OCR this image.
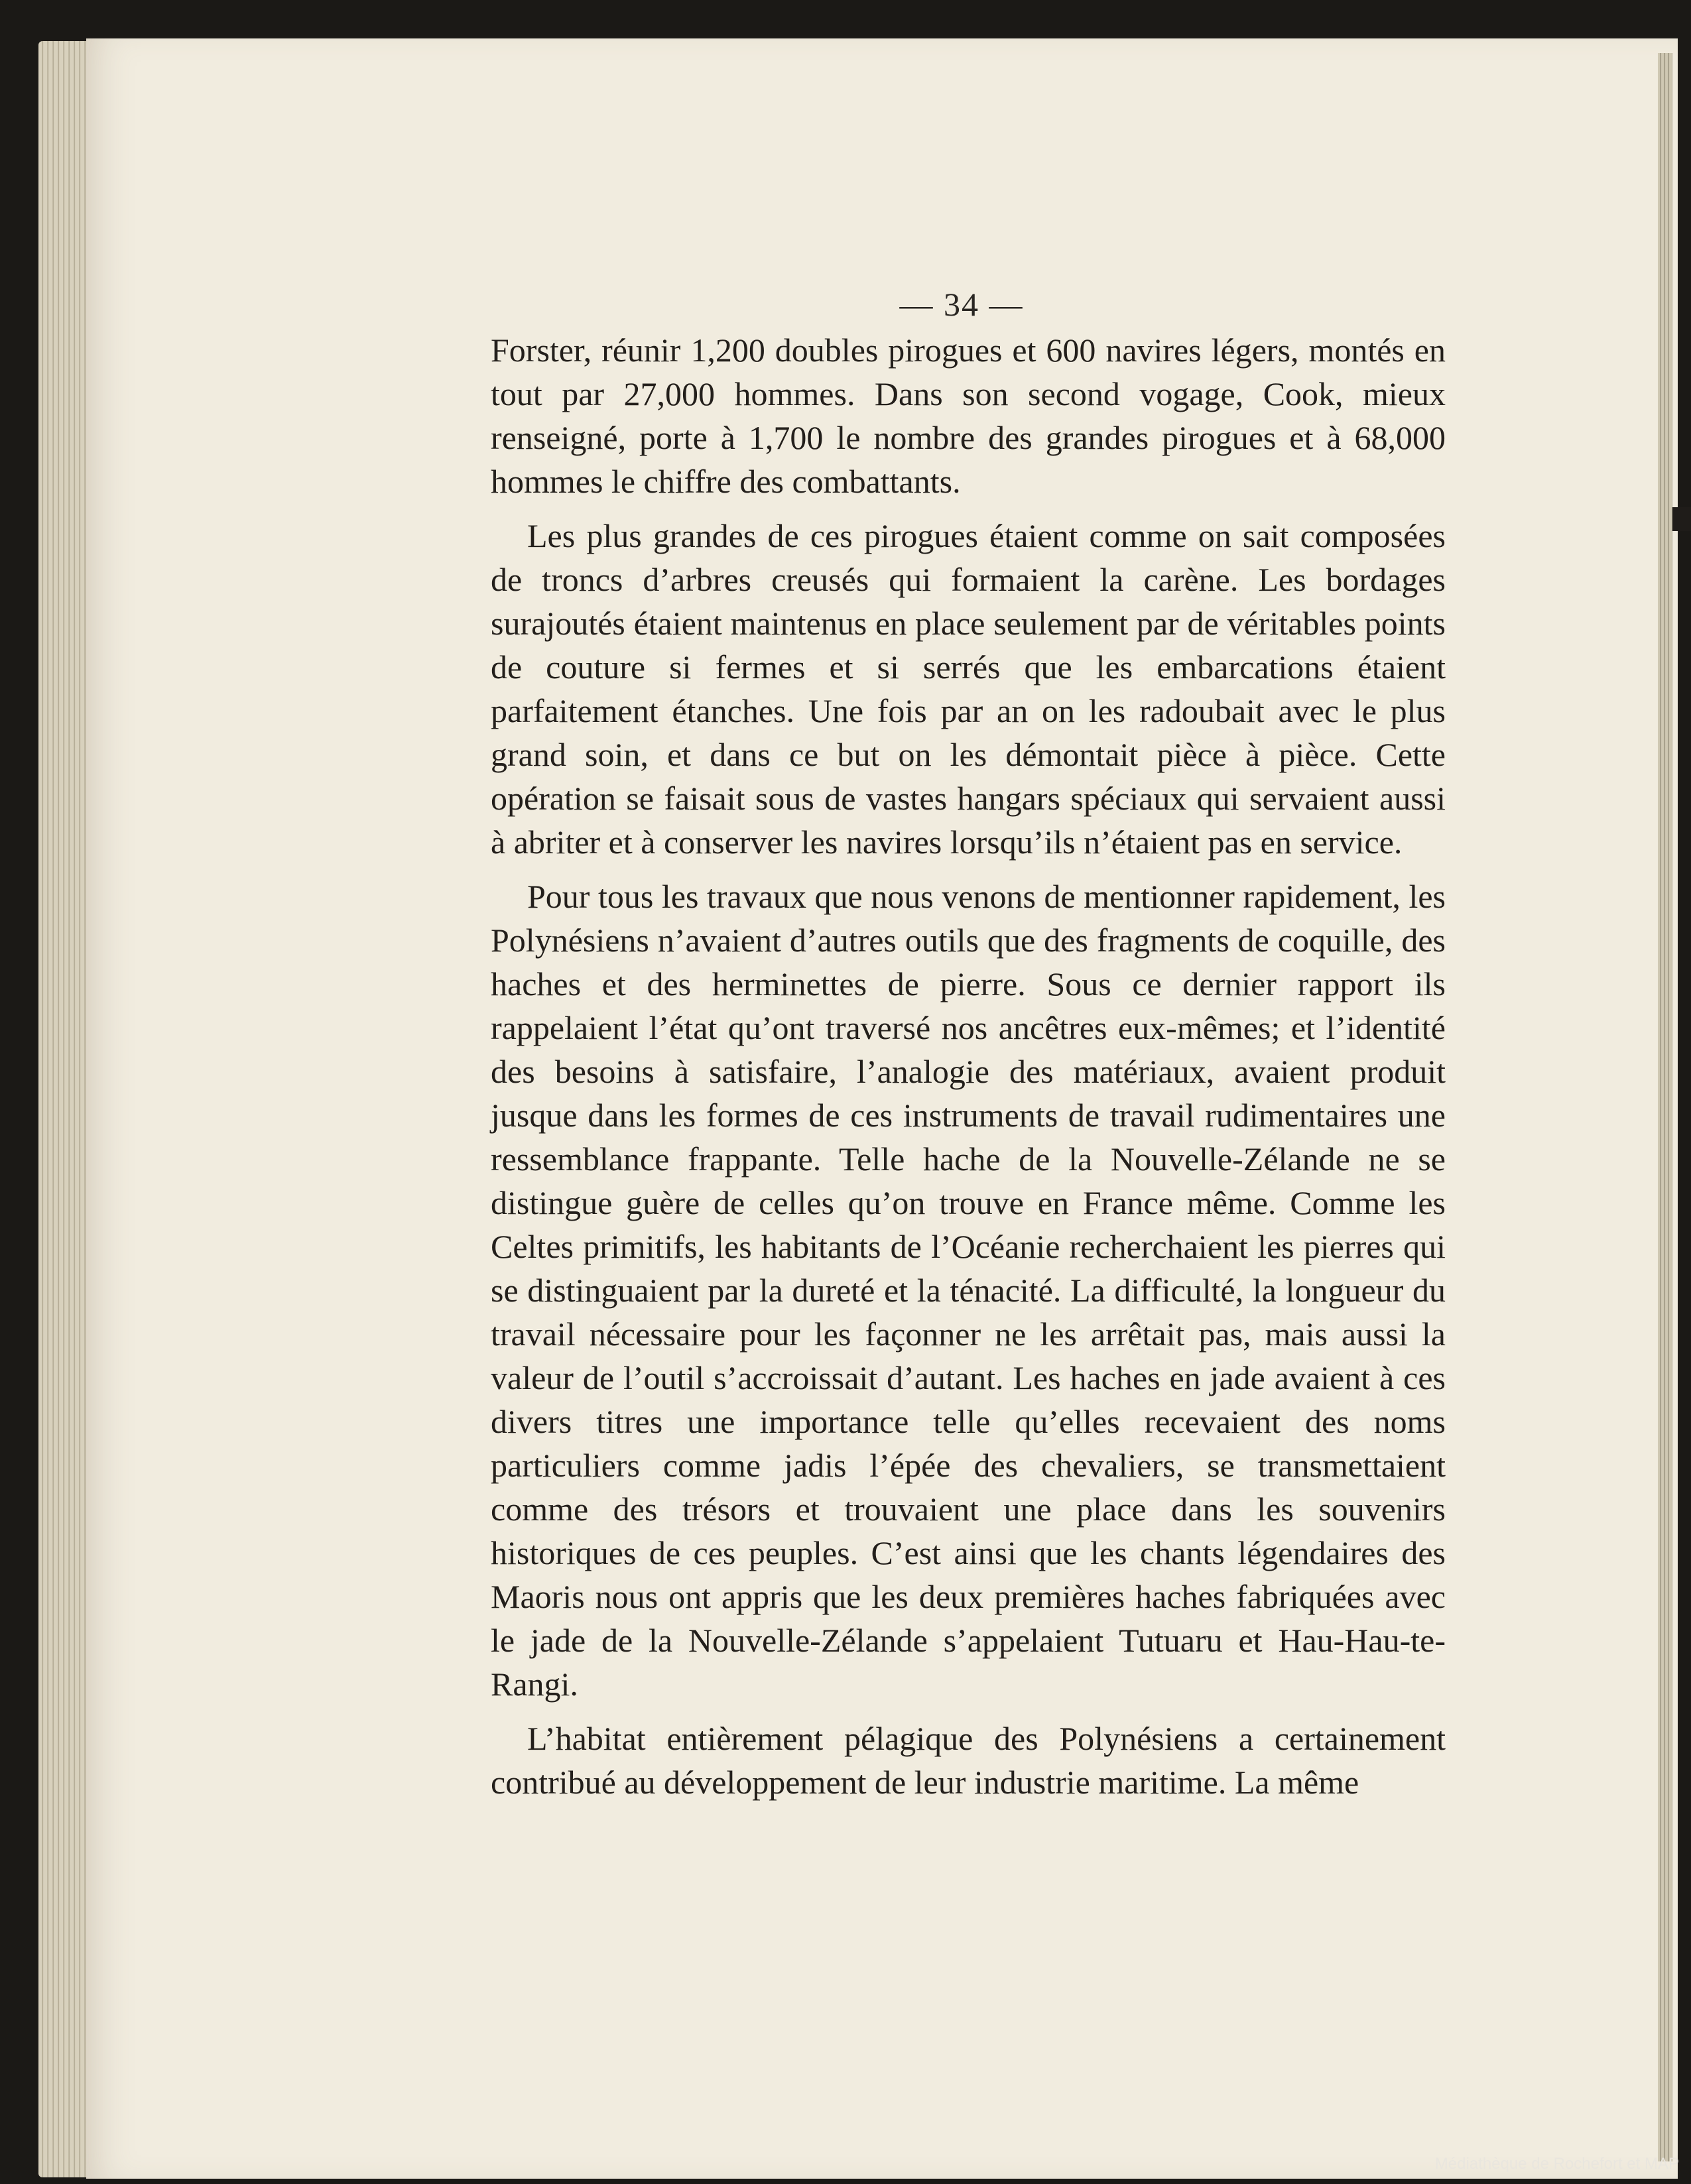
— 34 —

Forster, réunir 1,200 doubles pirogues et 600 navires légers, montés en tout par 27,000 hommes. Dans son second vogage, Cook, mieux renseigné, porte à 1,700 le nombre des grandes pirogues et à 68,000 hommes le chiffre des combattants.

Les plus grandes de ces pirogues étaient comme on sait composées de troncs d’arbres creusés qui formaient la carène. Les bordages surajoutés étaient maintenus en place seulement par de véritables points de couture si fermes et si serrés que les embarcations étaient parfaitement étanches. Une fois par an on les radoubait avec le plus grand soin, et dans ce but on les démontait pièce à pièce. Cette opération se faisait sous de vastes hangars spéciaux qui servaient aussi à abriter et à conserver les navires lorsqu’ils n’étaient pas en service.

Pour tous les travaux que nous venons de mentionner rapidement, les Polynésiens n’avaient d’autres outils que des fragments de coquille, des haches et des herminettes de pierre. Sous ce dernier rapport ils rappelaient l’état qu’ont traversé nos ancêtres eux-mêmes; et l’identité des besoins à satisfaire, l’analogie des matériaux, avaient produit jusque dans les formes de ces instruments de travail rudimentaires une ressemblance frappante. Telle hache de la Nouvelle-Zélande ne se distingue guère de celles qu’on trouve en France même. Comme les Celtes primitifs, les habitants de l’Océanie recherchaient les pierres qui se distinguaient par la dureté et la ténacité. La difficulté, la longueur du travail nécessaire pour les façonner ne les arrêtait pas, mais aussi la valeur de l’outil s’accroissait d’autant. Les haches en jade avaient à ces divers titres une importance telle qu’elles recevaient des noms particuliers comme jadis l’épée des chevaliers, se transmettaient comme des trésors et trouvaient une place dans les souvenirs historiques de ces peuples. C’est ainsi que les chants légendaires des Maoris nous ont appris que les deux premières haches fabriquées avec le jade de la Nouvelle-Zélande s’appelaient Tutuaru et Hau-Hau-te-Rangi.

L’habitat entièrement pélagique des Polynésiens a certainement contribué au développement de leur industrie maritime. La même

Médiathèque de Rochefort et MAP
